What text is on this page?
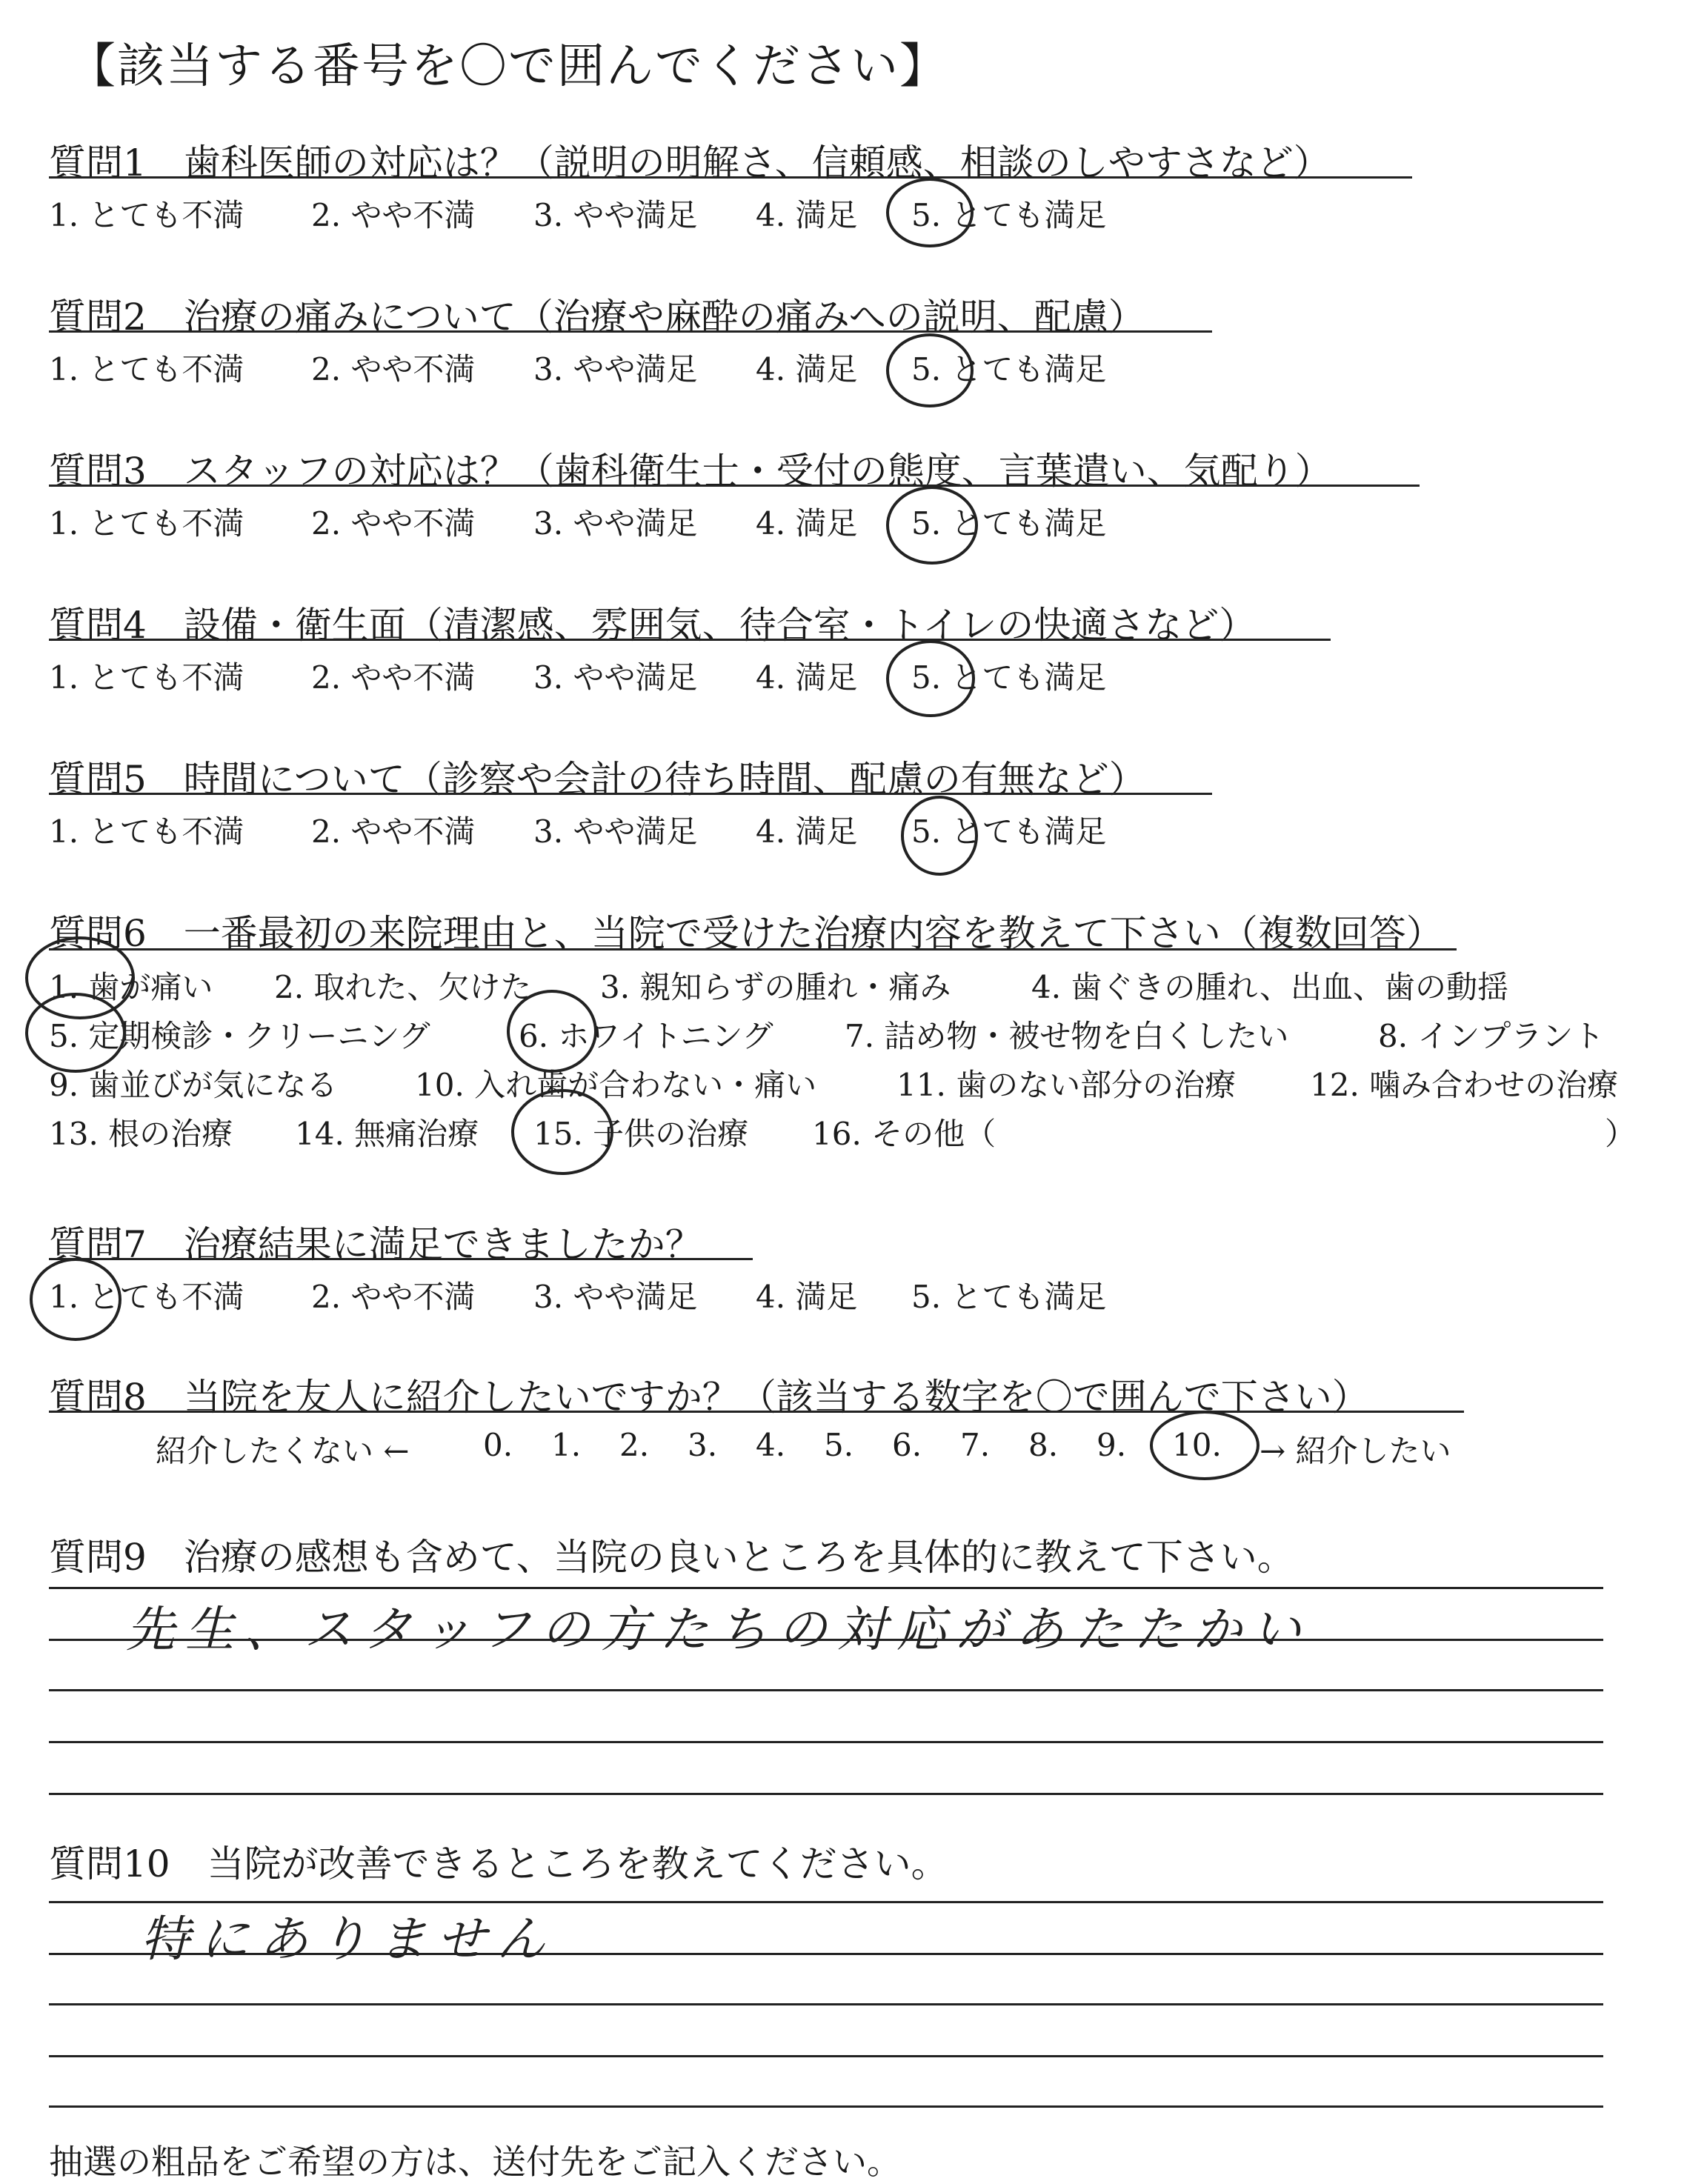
【該当する番号を〇で囲んでください】
質問1　歯科医師の対応は？（説明の明解さ、信頼感、相談のしやすさなど）
1. とても不満 2. やや不満 3. やや満足 4. 満足 5. とても満足
質問2　治療の痛みについて（治療や麻酔の痛みへの説明、配慮）
1. とても不満 2. やや不満 3. やや満足 4. 満足 5. とても満足
質問3　スタッフの対応は？（歯科衛生士・受付の態度、言葉遣い、気配り）
1. とても不満 2. やや不満 3. やや満足 4. 満足 5. とても満足
質問4　設備・衛生面（清潔感、雰囲気、待合室・トイレの快適さなど）
1. とても不満 2. やや不満 3. やや満足 4. 満足 5. とても満足
質問5　時間について（診察や会計の待ち時間、配慮の有無など）
1. とても不満 2. やや不満 3. やや満足 4. 満足 5. とても満足
質問6　一番最初の来院理由と、当院で受けた治療内容を教えて下さい（複数回答）
1. 歯が痛い 2. 取れた、欠けた 3. 親知らずの腫れ・痛み	4. 歯ぐきの腫れ、出血、歯の動揺
5. 定期検診・クリーニング	6. ホワイトニング 7. 詰め物・被せ物を白くしたい	8. インプラント
9. 歯並びが気になる 10. 入れ歯が合わない・痛い	11. 歯のない部分の治療 12. 噛み合わせの治療
13. 根の治療 14. 無痛治療 15. 子供の治療 16. その他（	）
質問7　治療結果に満足できましたか？
1. とても不満 2. やや不満 3. やや満足 4. 満足 5. とても満足
質問8　当院を友人に紹介したいですか？（該当する数字を〇で囲んで下さい）
紹介したくない ← 0. 1. 2. 3. 4. 5. 6. 7. 8. 9. 10. → 紹介したい
質問9　治療の感想も含めて、当院の良いところを具体的に教えて下さい。
先生、スタッフの方たちの対応があたたかい
質問10　当院が改善できるところを教えてください。
特にありません
抽選の粗品をご希望の方は、送付先をご記入ください。
